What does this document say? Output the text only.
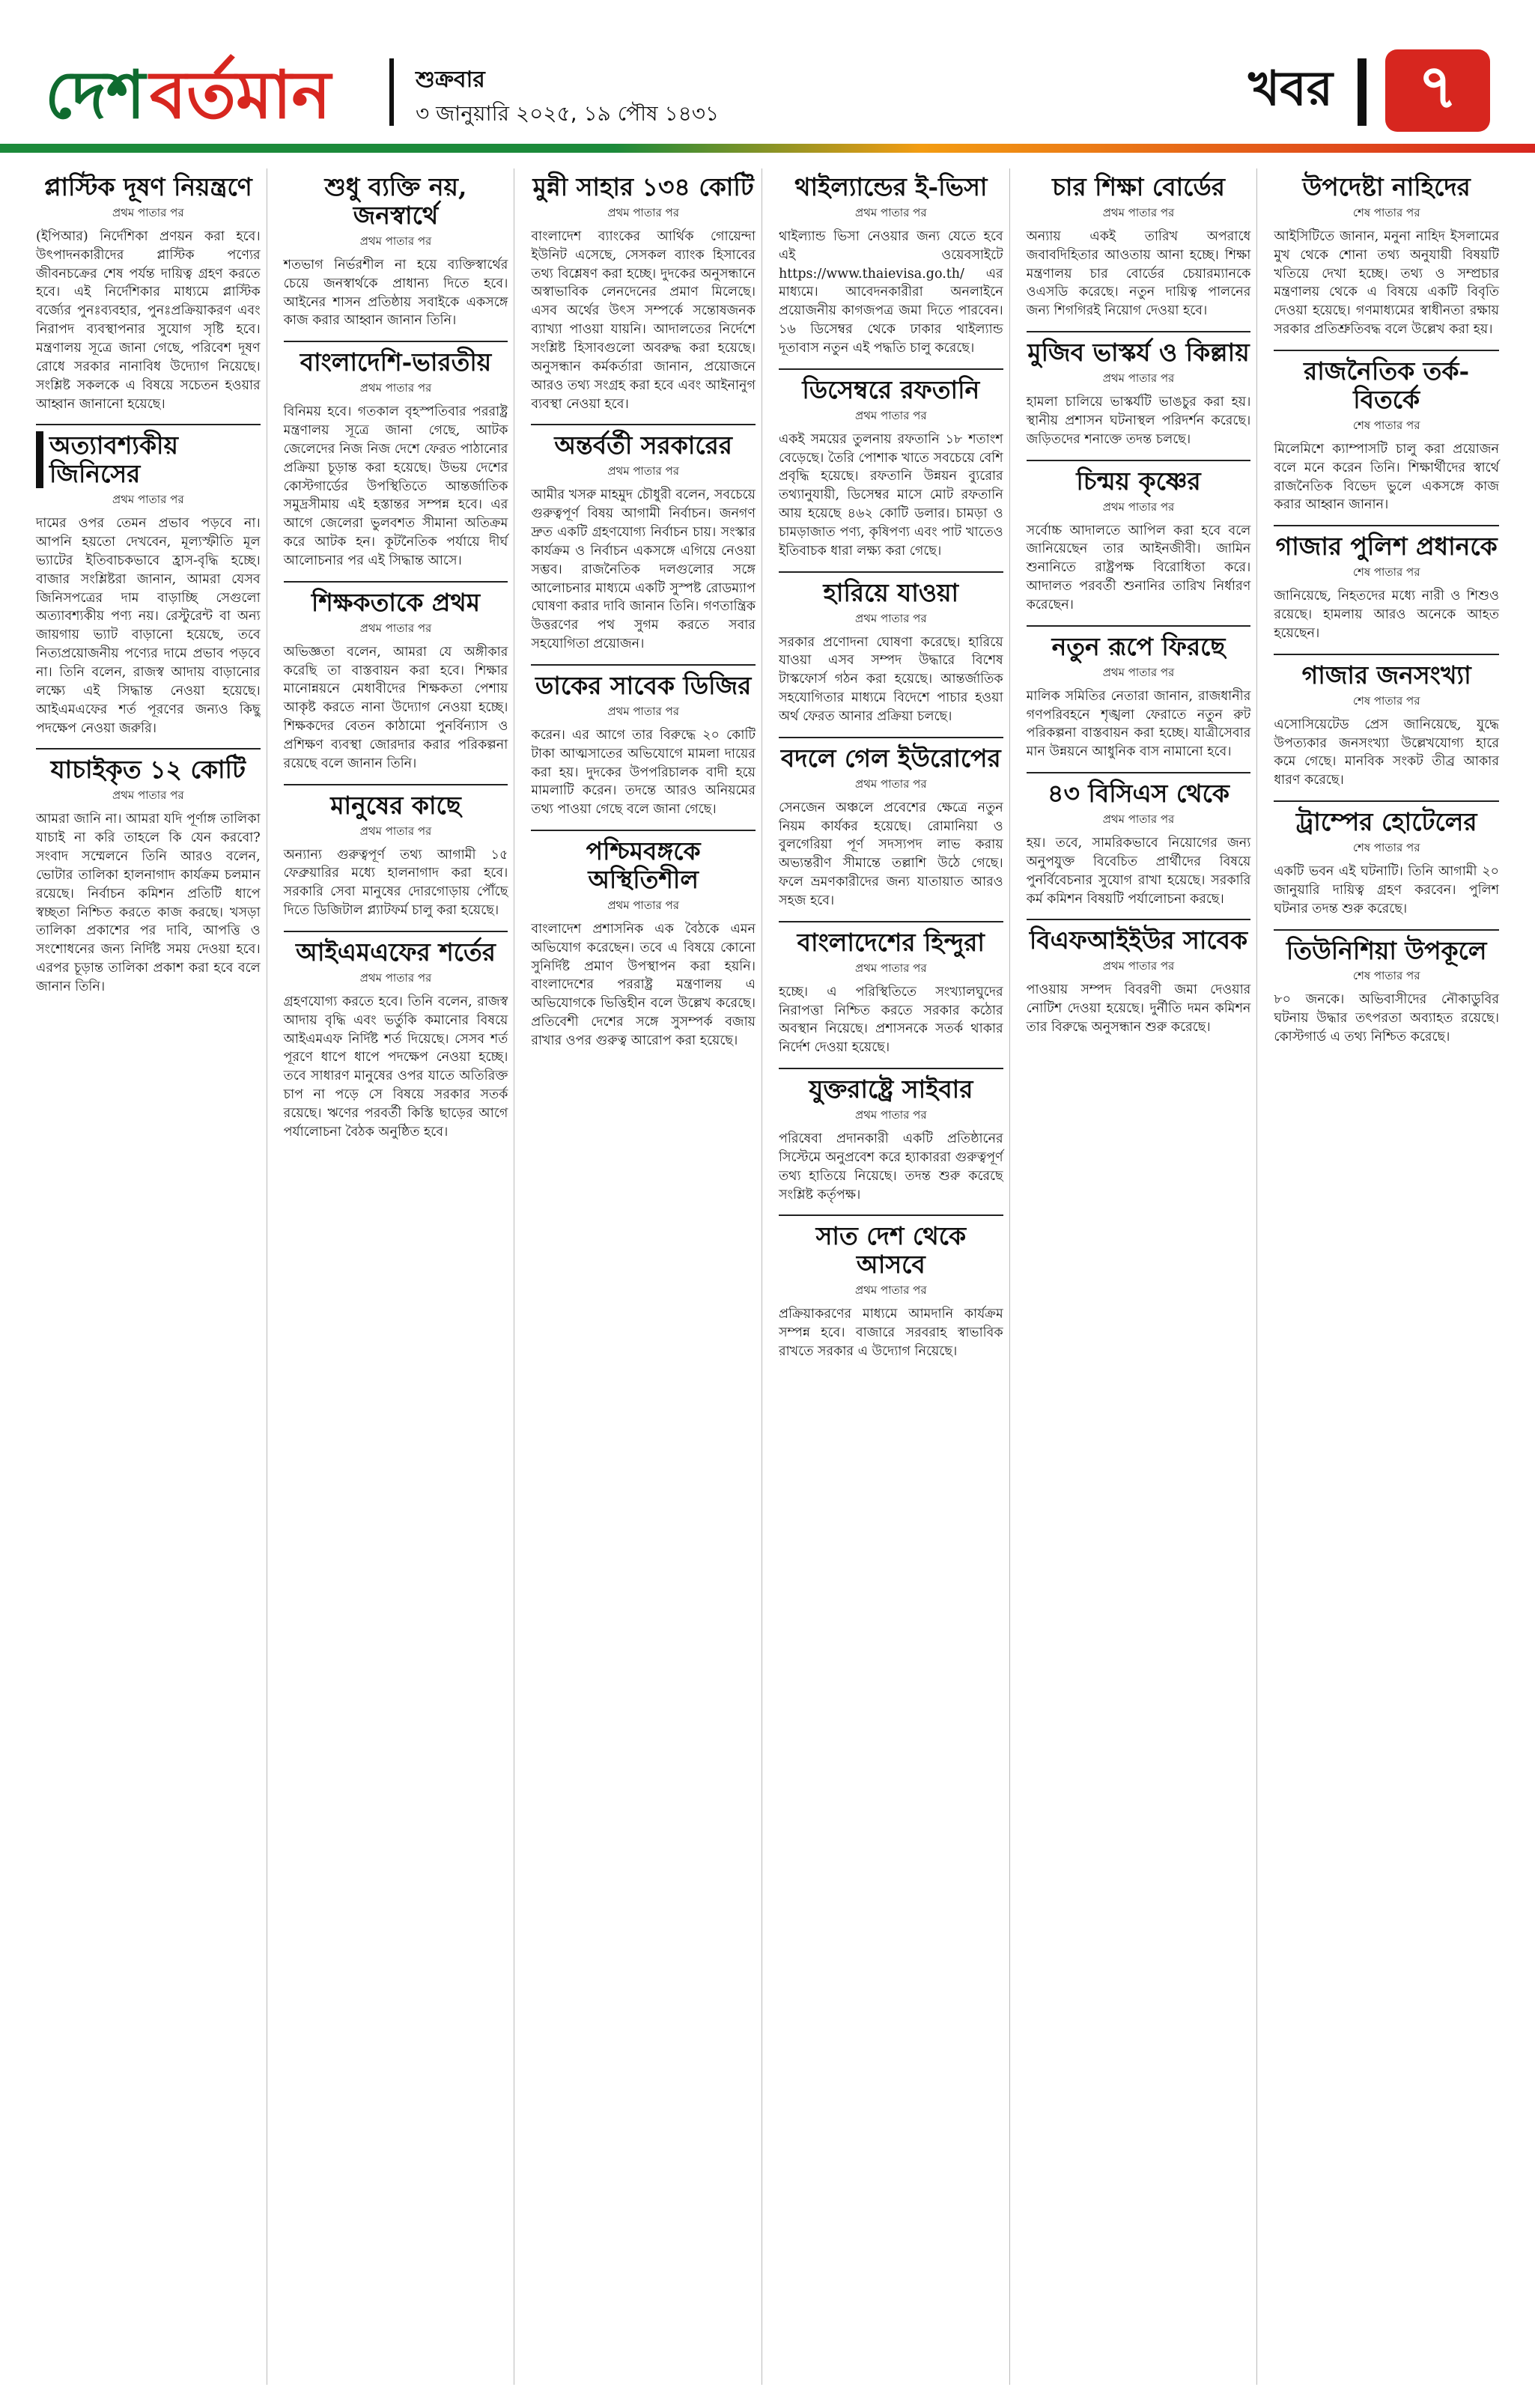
দেশ বর্তমান	শুক্রবার
৩ জানুয়ারি ২০২৫, ১৯ পৌষ ১৪৩১	খবর	৭
প্লাস্টিক দূষণ নিয়ন্ত্রণে
প্রথম পাতার পর

(ইপিআর) নির্দেশিকা প্রণয়ন করা হবে। উৎপাদনকারীদের প্লাস্টিক পণ্যের জীবনচক্রের শেষ পর্যন্ত দায়িত্ব গ্রহণ করতে হবে। এই নির্দেশিকার মাধ্যমে প্লাস্টিক বর্জ্যের পুনঃব্যবহার, পুনঃপ্রক্রিয়াকরণ এবং নিরাপদ ব্যবস্থাপনার সুযোগ সৃষ্টি হবে। মন্ত্রণালয় সূত্রে জানা গেছে, পরিবেশ দূষণ রোধে সরকার নানাবিধ উদ্যোগ নিয়েছে। সংশ্লিষ্ট সকলকে এ বিষয়ে সচেতন হওয়ার আহ্বান জানানো হয়েছে।

অত্যাবশ্যকীয় জিনিসের
প্রথম পাতার পর

দামের ওপর তেমন প্রভাব পড়বে না। আপনি হয়তো দেখবেন, মূল্যস্ফীতি মূল ভ্যাটের ইতিবাচকভাবে হ্রাস-বৃদ্ধি হচ্ছে। বাজার সংশ্লিষ্টরা জানান, আমরা যেসব জিনিসপত্রের দাম বাড়াচ্ছি সেগুলো অত্যাবশ্যকীয় পণ্য নয়। রেস্টুরেন্ট বা অন্য জায়গায় ভ্যাট বাড়ানো হয়েছে, তবে নিত্যপ্রয়োজনীয় পণ্যের দামে প্রভাব পড়বে না। তিনি বলেন, রাজস্ব আদায় বাড়ানোর লক্ষ্যে এই সিদ্ধান্ত নেওয়া হয়েছে। আইএমএফের শর্ত পূরণের জন্যও কিছু পদক্ষেপ নেওয়া জরুরি।

যাচাইকৃত ১২ কোটি
প্রথম পাতার পর

আমরা জানি না। আমরা যদি পূর্ণাঙ্গ তালিকা যাচাই না করি তাহলে কি যেন করবো? সংবাদ সম্মেলনে তিনি আরও বলেন, ভোটার তালিকা হালনাগাদ কার্যক্রম চলমান রয়েছে। নির্বাচন কমিশন প্রতিটি ধাপে স্বচ্ছতা নিশ্চিত করতে কাজ করছে। খসড়া তালিকা প্রকাশের পর দাবি, আপত্তি ও সংশোধনের জন্য নির্দিষ্ট সময় দেওয়া হবে। এরপর চূড়ান্ত তালিকা প্রকাশ করা হবে বলে জানান তিনি।

শুধু ব্যক্তি নয়, জনস্বার্থে
প্রথম পাতার পর

শতভাগ নির্ভরশীল না হয়ে ব্যক্তিস্বার্থের চেয়ে জনস্বার্থকে প্রাধান্য দিতে হবে। আইনের শাসন প্রতিষ্ঠায় সবাইকে একসঙ্গে কাজ করার আহ্বান জানান তিনি।

বাংলাদেশি-ভারতীয়
প্রথম পাতার পর

বিনিময় হবে। গতকাল বৃহস্পতিবার পররাষ্ট্র মন্ত্রণালয় সূত্রে জানা গেছে, আটক জেলেদের নিজ নিজ দেশে ফেরত পাঠানোর প্রক্রিয়া চূড়ান্ত করা হয়েছে। উভয় দেশের কোস্টগার্ডের উপস্থিতিতে আন্তর্জাতিক সমুদ্রসীমায় এই হস্তান্তর সম্পন্ন হবে। এর আগে জেলেরা ভুলবশত সীমানা অতিক্রম করে আটক হন। কূটনৈতিক পর্যায়ে দীর্ঘ আলোচনার পর এই সিদ্ধান্ত আসে।

শিক্ষকতাকে প্রথম
প্রথম পাতার পর

অভিজ্ঞতা বলেন, আমরা যে অঙ্গীকার করেছি তা বাস্তবায়ন করা হবে। শিক্ষার মানোন্নয়নে মেধাবীদের শিক্ষকতা পেশায় আকৃষ্ট করতে নানা উদ্যোগ নেওয়া হচ্ছে। শিক্ষকদের বেতন কাঠামো পুনর্বিন্যাস ও প্রশিক্ষণ ব্যবস্থা জোরদার করার পরিকল্পনা রয়েছে বলে জানান তিনি।

মানুষের কাছে
প্রথম পাতার পর

অন্যান্য গুরুত্বপূর্ণ তথ্য আগামী ১৫ ফেব্রুয়ারির মধ্যে হালনাগাদ করা হবে। সরকারি সেবা মানুষের দোরগোড়ায় পৌঁছে দিতে ডিজিটাল প্ল্যাটফর্ম চালু করা হয়েছে।

আইএমএফের শর্তের
প্রথম পাতার পর

গ্রহণযোগ্য করতে হবে। তিনি বলেন, রাজস্ব আদায় বৃদ্ধি এবং ভর্তুকি কমানোর বিষয়ে আইএমএফ নির্দিষ্ট শর্ত দিয়েছে। সেসব শর্ত পূরণে ধাপে ধাপে পদক্ষেপ নেওয়া হচ্ছে। তবে সাধারণ মানুষের ওপর যাতে অতিরিক্ত চাপ না পড়ে সে বিষয়ে সরকার সতর্ক রয়েছে। ঋণের পরবর্তী কিস্তি ছাড়ের আগে পর্যালোচনা বৈঠক অনুষ্ঠিত হবে।

মুন্নী সাহার ১৩৪ কোটি
প্রথম পাতার পর

বাংলাদেশ ব্যাংকের আর্থিক গোয়েন্দা ইউনিট এসেছে, সেসকল ব্যাংক হিসাবের তথ্য বিশ্লেষণ করা হচ্ছে। দুদকের অনুসন্ধানে অস্বাভাবিক লেনদেনের প্রমাণ মিলেছে। এসব অর্থের উৎস সম্পর্কে সন্তোষজনক ব্যাখ্যা পাওয়া যায়নি। আদালতের নির্দেশে সংশ্লিষ্ট হিসাবগুলো অবরুদ্ধ করা হয়েছে। অনুসন্ধান কর্মকর্তারা জানান, প্রয়োজনে আরও তথ্য সংগ্রহ করা হবে এবং আইনানুগ ব্যবস্থা নেওয়া হবে।

অন্তর্বর্তী সরকারের
প্রথম পাতার পর

আমীর খসরু মাহমুদ চৌধুরী বলেন, সবচেয়ে গুরুত্বপূর্ণ বিষয় আগামী নির্বাচন। জনগণ দ্রুত একটি গ্রহণযোগ্য নির্বাচন চায়। সংস্কার কার্যক্রম ও নির্বাচন একসঙ্গে এগিয়ে নেওয়া সম্ভব। রাজনৈতিক দলগুলোর সঙ্গে আলোচনার মাধ্যমে একটি সুস্পষ্ট রোডম্যাপ ঘোষণা করার দাবি জানান তিনি। গণতান্ত্রিক উত্তরণের পথ সুগম করতে সবার সহযোগিতা প্রয়োজন।

ডাকের সাবেক ডিজির
প্রথম পাতার পর

করেন। এর আগে তার বিরুদ্ধে ২০ কোটি টাকা আত্মসাতের অভিযোগে মামলা দায়ের করা হয়। দুদকের উপপরিচালক বাদী হয়ে মামলাটি করেন। তদন্তে আরও অনিয়মের তথ্য পাওয়া গেছে বলে জানা গেছে।

পশ্চিমবঙ্গকে অস্থিতিশীল
প্রথম পাতার পর

বাংলাদেশ প্রশাসনিক এক বৈঠকে এমন অভিযোগ করেছেন। তবে এ বিষয়ে কোনো সুনির্দিষ্ট প্রমাণ উপস্থাপন করা হয়নি। বাংলাদেশের পররাষ্ট্র মন্ত্রণালয় এ অভিযোগকে ভিত্তিহীন বলে উল্লেখ করেছে। প্রতিবেশী দেশের সঙ্গে সুসম্পর্ক বজায় রাখার ওপর গুরুত্ব আরোপ করা হয়েছে।

থাইল্যান্ডের ই-ভিসা
প্রথম পাতার পর

থাইল্যান্ড ভিসা নেওয়ার জন্য যেতে হবে এই ওয়েবসাইটে https://www.thaievisa.go.th/ এর মাধ্যমে। আবেদনকারীরা অনলাইনে প্রয়োজনীয় কাগজপত্র জমা দিতে পারবেন। ১৬ ডিসেম্বর থেকে ঢাকার থাইল্যান্ড দূতাবাস নতুন এই পদ্ধতি চালু করেছে।

ডিসেম্বরে রফতানি
প্রথম পাতার পর

একই সময়ের তুলনায় রফতানি ১৮ শতাংশ বেড়েছে। তৈরি পোশাক খাতে সবচেয়ে বেশি প্রবৃদ্ধি হয়েছে। রফতানি উন্নয়ন ব্যুরোর তথ্যানুযায়ী, ডিসেম্বর মাসে মোট রফতানি আয় হয়েছে ৪৬২ কোটি ডলার। চামড়া ও চামড়াজাত পণ্য, কৃষিপণ্য এবং পাট খাতেও ইতিবাচক ধারা লক্ষ্য করা গেছে।

হারিয়ে যাওয়া
প্রথম পাতার পর

সরকার প্রণোদনা ঘোষণা করেছে। হারিয়ে যাওয়া এসব সম্পদ উদ্ধারে বিশেষ টাস্কফোর্স গঠন করা হয়েছে। আন্তর্জাতিক সহযোগিতার মাধ্যমে বিদেশে পাচার হওয়া অর্থ ফেরত আনার প্রক্রিয়া চলছে।

বদলে গেল ইউরোপের
প্রথম পাতার পর

সেনজেন অঞ্চলে প্রবেশের ক্ষেত্রে নতুন নিয়ম কার্যকর হয়েছে। রোমানিয়া ও বুলগেরিয়া পূর্ণ সদস্যপদ লাভ করায় অভ্যন্তরীণ সীমান্তে তল্লাশি উঠে গেছে। ফলে ভ্রমণকারীদের জন্য যাতায়াত আরও সহজ হবে।

বাংলাদেশের হিন্দুরা
প্রথম পাতার পর

হচ্ছে। এ পরিস্থিতিতে সংখ্যালঘুদের নিরাপত্তা নিশ্চিত করতে সরকার কঠোর অবস্থান নিয়েছে। প্রশাসনকে সতর্ক থাকার নির্দেশ দেওয়া হয়েছে।

যুক্তরাষ্ট্রে সাইবার
প্রথম পাতার পর

পরিষেবা প্রদানকারী একটি প্রতিষ্ঠানের সিস্টেমে অনুপ্রবেশ করে হ্যাকাররা গুরুত্বপূর্ণ তথ্য হাতিয়ে নিয়েছে। তদন্ত শুরু করেছে সংশ্লিষ্ট কর্তৃপক্ষ।

সাত দেশ থেকে আসবে
প্রথম পাতার পর

প্রক্রিয়াকরণের মাধ্যমে আমদানি কার্যক্রম সম্পন্ন হবে। বাজারে সরবরাহ স্বাভাবিক রাখতে সরকার এ উদ্যোগ নিয়েছে।

চার শিক্ষা বোর্ডের
প্রথম পাতার পর

অন্যায় একই তারিখ অপরাধে জবাবদিহিতার আওতায় আনা হচ্ছে। শিক্ষা মন্ত্রণালয় চার বোর্ডের চেয়ারম্যানকে ওএসডি করেছে। নতুন দায়িত্ব পালনের জন্য শিগগিরই নিয়োগ দেওয়া হবে।

মুজিব ভাস্কর্য ও কিল্লায়
প্রথম পাতার পর

হামলা চালিয়ে ভাস্কর্যটি ভাঙচুর করা হয়। স্থানীয় প্রশাসন ঘটনাস্থল পরিদর্শন করেছে। জড়িতদের শনাক্তে তদন্ত চলছে।

চিন্ময় কৃষ্ণের
প্রথম পাতার পর

সর্বোচ্চ আদালতে আপিল করা হবে বলে জানিয়েছেন তার আইনজীবী। জামিন শুনানিতে রাষ্ট্রপক্ষ বিরোধিতা করে। আদালত পরবর্তী শুনানির তারিখ নির্ধারণ করেছেন।

নতুন রূপে ফিরছে
প্রথম পাতার পর

মালিক সমিতির নেতারা জানান, রাজধানীর গণপরিবহনে শৃঙ্খলা ফেরাতে নতুন রুট পরিকল্পনা বাস্তবায়ন করা হচ্ছে। যাত্রীসেবার মান উন্নয়নে আধুনিক বাস নামানো হবে।

৪৩ বিসিএস থেকে
প্রথম পাতার পর

হয়। তবে, সামরিকভাবে নিয়োগের জন্য অনুপযুক্ত বিবেচিত প্রার্থীদের বিষয়ে পুনর্বিবেচনার সুযোগ রাখা হয়েছে। সরকারি কর্ম কমিশন বিষয়টি পর্যালোচনা করছে।

বিএফআইইউর সাবেক
প্রথম পাতার পর

পাওয়ায় সম্পদ বিবরণী জমা দেওয়ার নোটিশ দেওয়া হয়েছে। দুর্নীতি দমন কমিশন তার বিরুদ্ধে অনুসন্ধান শুরু করেছে।

উপদেষ্টা নাহিদের
শেষ পাতার পর

আইসিটিতে জানান, মনুনা নাহিদ ইসলামের মুখ থেকে শোনা তথ্য অনুযায়ী বিষয়টি খতিয়ে দেখা হচ্ছে। তথ্য ও সম্প্রচার মন্ত্রণালয় থেকে এ বিষয়ে একটি বিবৃতি দেওয়া হয়েছে। গণমাধ্যমের স্বাধীনতা রক্ষায় সরকার প্রতিশ্রুতিবদ্ধ বলে উল্লেখ করা হয়।

রাজনৈতিক তর্ক-বিতর্কে
শেষ পাতার পর

মিলেমিশে ক্যাম্পাসটি চালু করা প্রয়োজন বলে মনে করেন তিনি। শিক্ষার্থীদের স্বার্থে রাজনৈতিক বিভেদ ভুলে একসঙ্গে কাজ করার আহ্বান জানান।

গাজার পুলিশ প্রধানকে
শেষ পাতার পর

জানিয়েছে, নিহতদের মধ্যে নারী ও শিশুও রয়েছে। হামলায় আরও অনেকে আহত হয়েছেন।

গাজার জনসংখ্যা
শেষ পাতার পর

এসোসিয়েটেড প্রেস জানিয়েছে, যুদ্ধে উপত্যকার জনসংখ্যা উল্লেখযোগ্য হারে কমে গেছে। মানবিক সংকট তীব্র আকার ধারণ করেছে।

ট্রাম্পের হোটেলের
শেষ পাতার পর

একটি ভবন এই ঘটনাটি। তিনি আগামী ২০ জানুয়ারি দায়িত্ব গ্রহণ করবেন। পুলিশ ঘটনার তদন্ত শুরু করেছে।

তিউনিশিয়া উপকূলে
শেষ পাতার পর

৮০ জনকে। অভিবাসীদের নৌকাডুবির ঘটনায় উদ্ধার তৎপরতা অব্যাহত রয়েছে। কোস্টগার্ড এ তথ্য নিশ্চিত করেছে।
